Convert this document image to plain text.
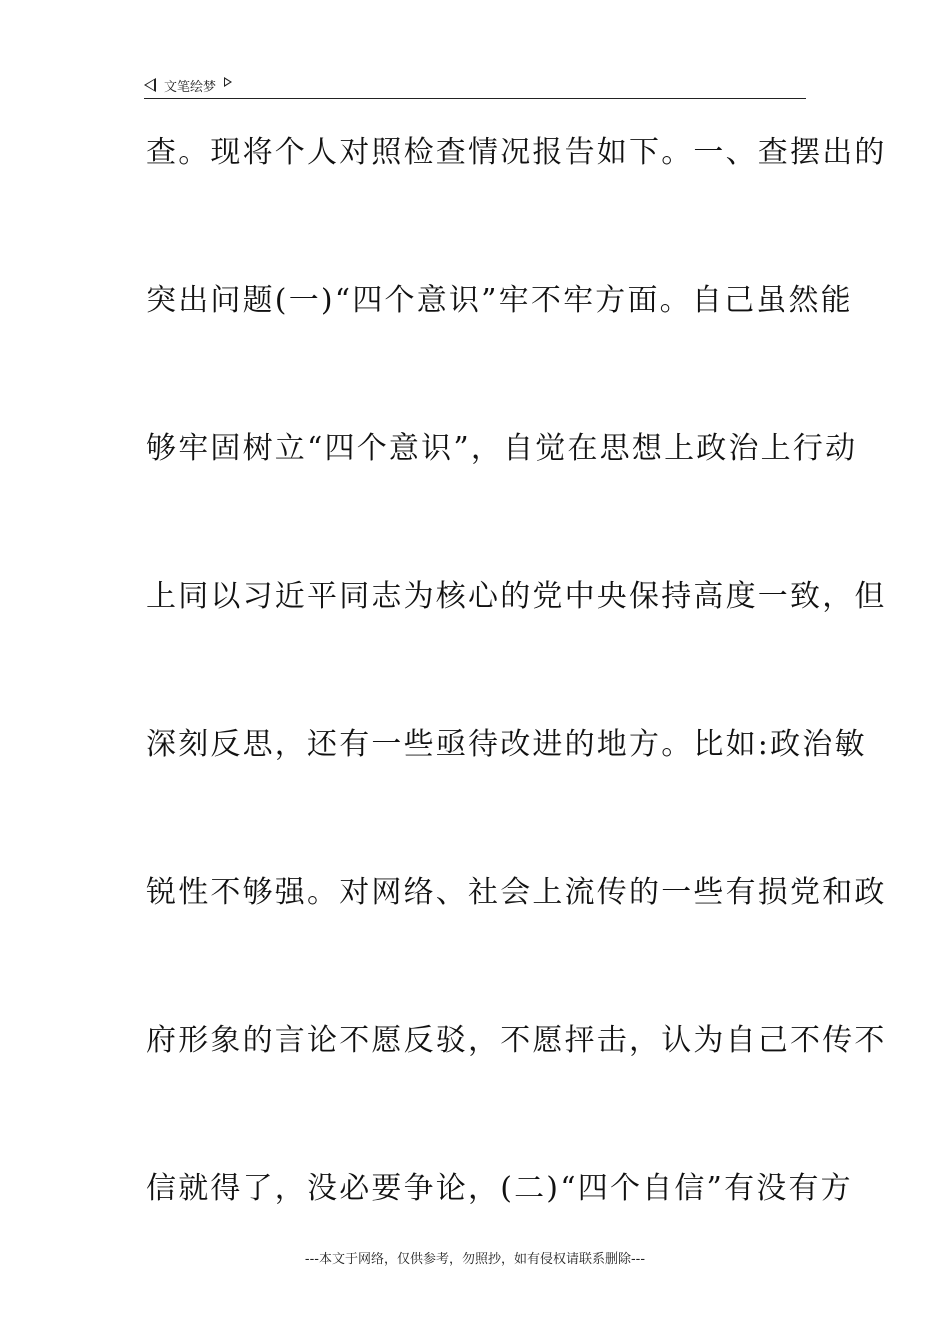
文笔绘梦
查。现将个人对照检查情况报告如下。一、查摆出的
突出问题(一)“四个意识”牢不牢方面。自己虽然能
够牢固树立“四个意识”，自觉在思想上政治上行动
上同以习近平同志为核心的党中央保持高度一致，但
深刻反思，还有一些亟待改进的地方。比如:政治敏
锐性不够强。对网络、社会上流传的一些有损党和政
府形象的言论不愿反驳，不愿抨击，认为自己不传不
信就得了，没必要争论，(二)“四个自信”有没有方
---本文于网络，仅供参考，勿照抄，如有侵权请联系删除---
